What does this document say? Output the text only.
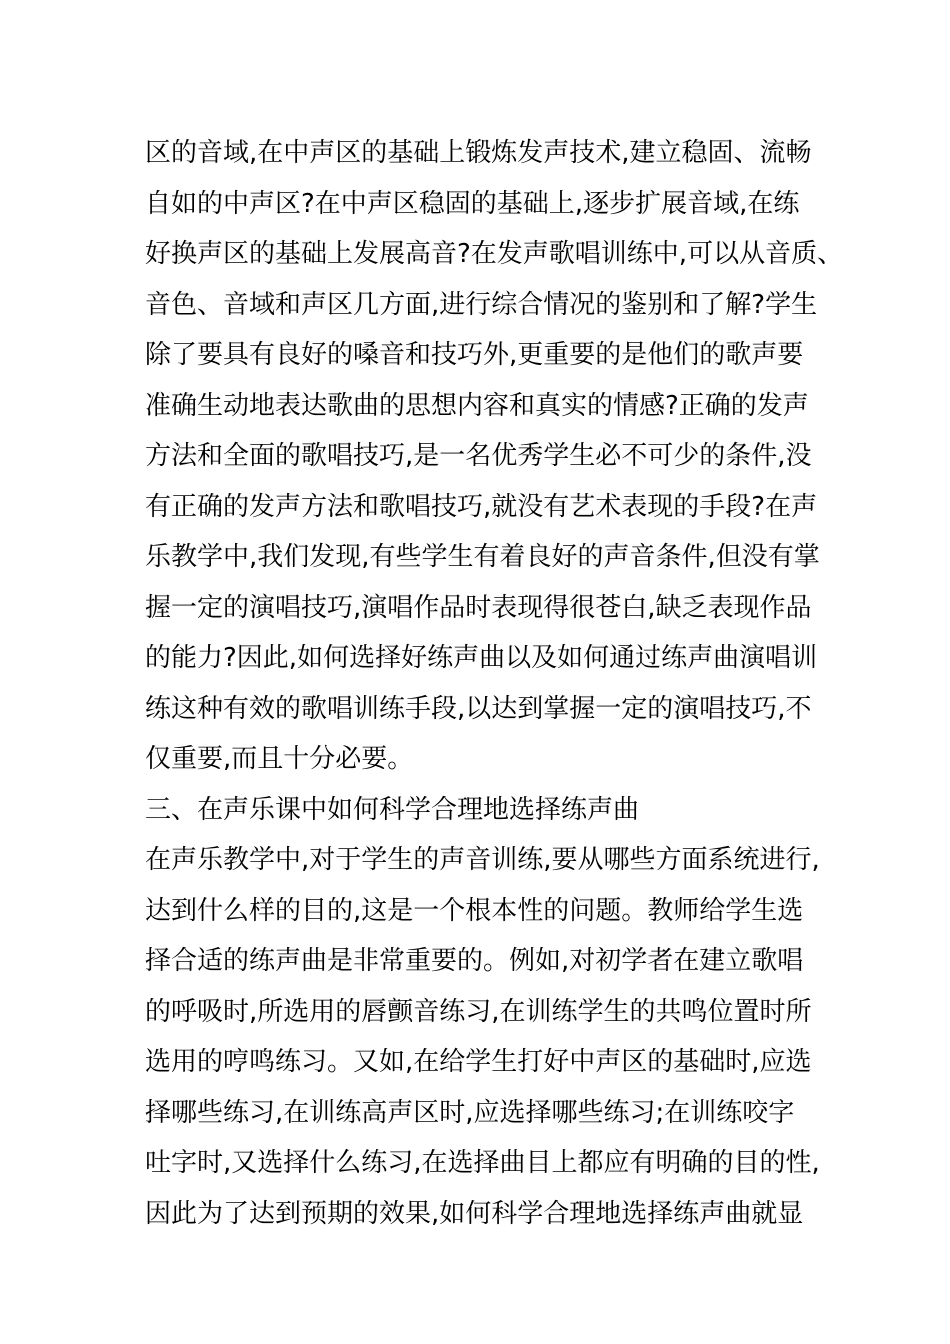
区的音域,在中声区的基础上锻炼发声技术,建立稳固、流畅
自如的中声区?在中声区稳固的基础上,逐步扩展音域,在练
好换声区的基础上发展高音?在发声歌唱训练中,可以从音质、
音色、音域和声区几方面,进行综合情况的鉴别和了解?学生
除了要具有良好的嗓音和技巧外,更重要的是他们的歌声要
准确生动地表达歌曲的思想内容和真实的情感?正确的发声
方法和全面的歌唱技巧,是一名优秀学生必不可少的条件,没
有正确的发声方法和歌唱技巧,就没有艺术表现的手段?在声
乐教学中,我们发现,有些学生有着良好的声音条件,但没有掌
握一定的演唱技巧,演唱作品时表现得很苍白,缺乏表现作品
的能力?因此,如何选择好练声曲以及如何通过练声曲演唱训
练这种有效的歌唱训练手段,以达到掌握一定的演唱技巧,不
仅重要,而且十分必要。
三、在声乐课中如何科学合理地选择练声曲
在声乐教学中,对于学生的声音训练,要从哪些方面系统进行,
达到什么样的目的,这是一个根本性的问题。教师给学生选
择合适的练声曲是非常重要的。例如,对初学者在建立歌唱
的呼吸时,所选用的唇颤音练习,在训练学生的共鸣位置时所
选用的哼鸣练习。又如,在给学生打好中声区的基础时,应选
择哪些练习,在训练高声区时,应选择哪些练习;在训练咬字
吐字时,又选择什么练习,在选择曲目上都应有明确的目的性,
因此为了达到预期的效果,如何科学合理地选择练声曲就显
